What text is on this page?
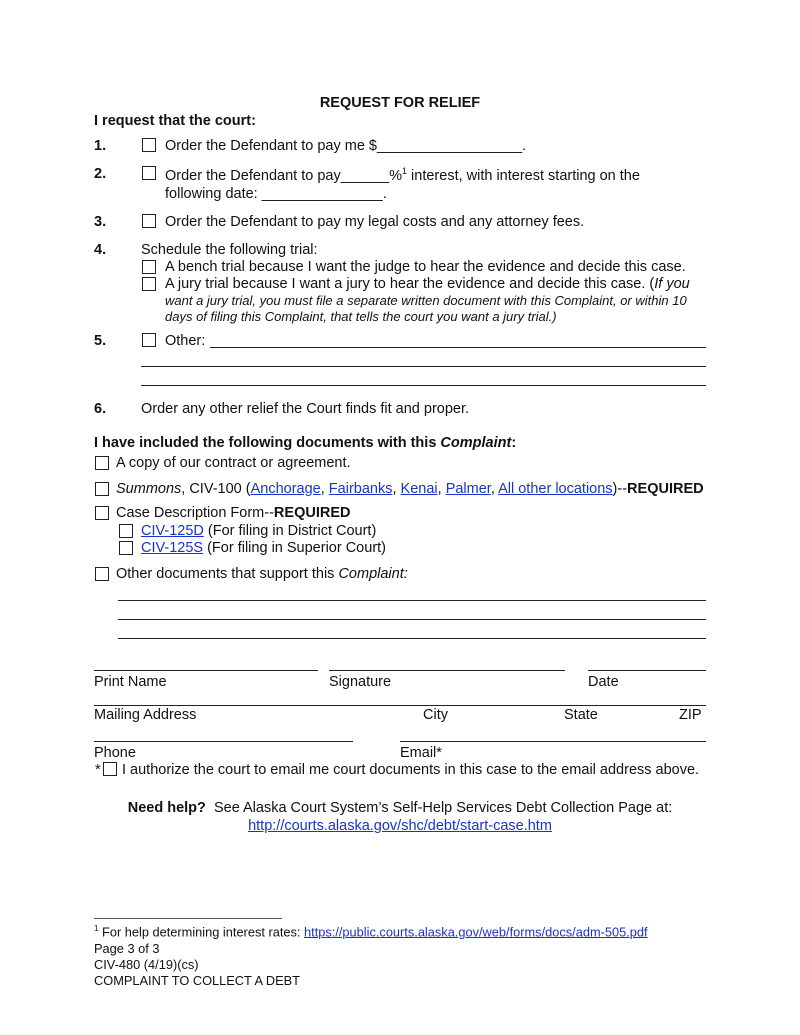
REQUEST FOR RELIEF
I request that the court:
1.	Order the Defendant to pay me $__________________.
2.	Order the Defendant to pay______%$^1$ interest, with interest starting on the
following date: _______________.
3.	Order the Defendant to pay my legal costs and any attorney fees.
4. Schedule the following trial:
A bench trial because I want the judge to hear the evidence and decide this case.
A jury trial because I want a jury to hear the evidence and decide this case. (If you
want a jury trial, you must file a separate written document with this Complaint, or within 10
days of filing this Complaint, that tells the court you want a jury trial.)
5.	Other:
6. Order any other relief the Court finds fit and proper.
I have included the following documents with this Complaint:
A copy of our contract or agreement.
Summons, CIV-100 (Anchorage, Fairbanks, Kenai, Palmer, All other locations)--REQUIRED
Case Description Form--REQUIRED
CIV-125D (For filing in District Court)
CIV-125S (For filing in Superior Court)
Other documents that support this Complaint:
Print Name	Signature	Date
Mailing Address	City	State	ZIP
Phone	Email*
* I authorize the court to email me court documents in this case to the email address above.
Need help? See Alaska Court System’s Self-Help Services Debt Collection Page at:
http://courts.alaska.gov/shc/debt/start-case.htm
$^1$ For help determining interest rates: https://public.courts.alaska.gov/web/forms/docs/adm-505.pdf
Page 3 of 3
CIV-480 (4/19)(cs)
COMPLAINT TO COLLECT A DEBT
